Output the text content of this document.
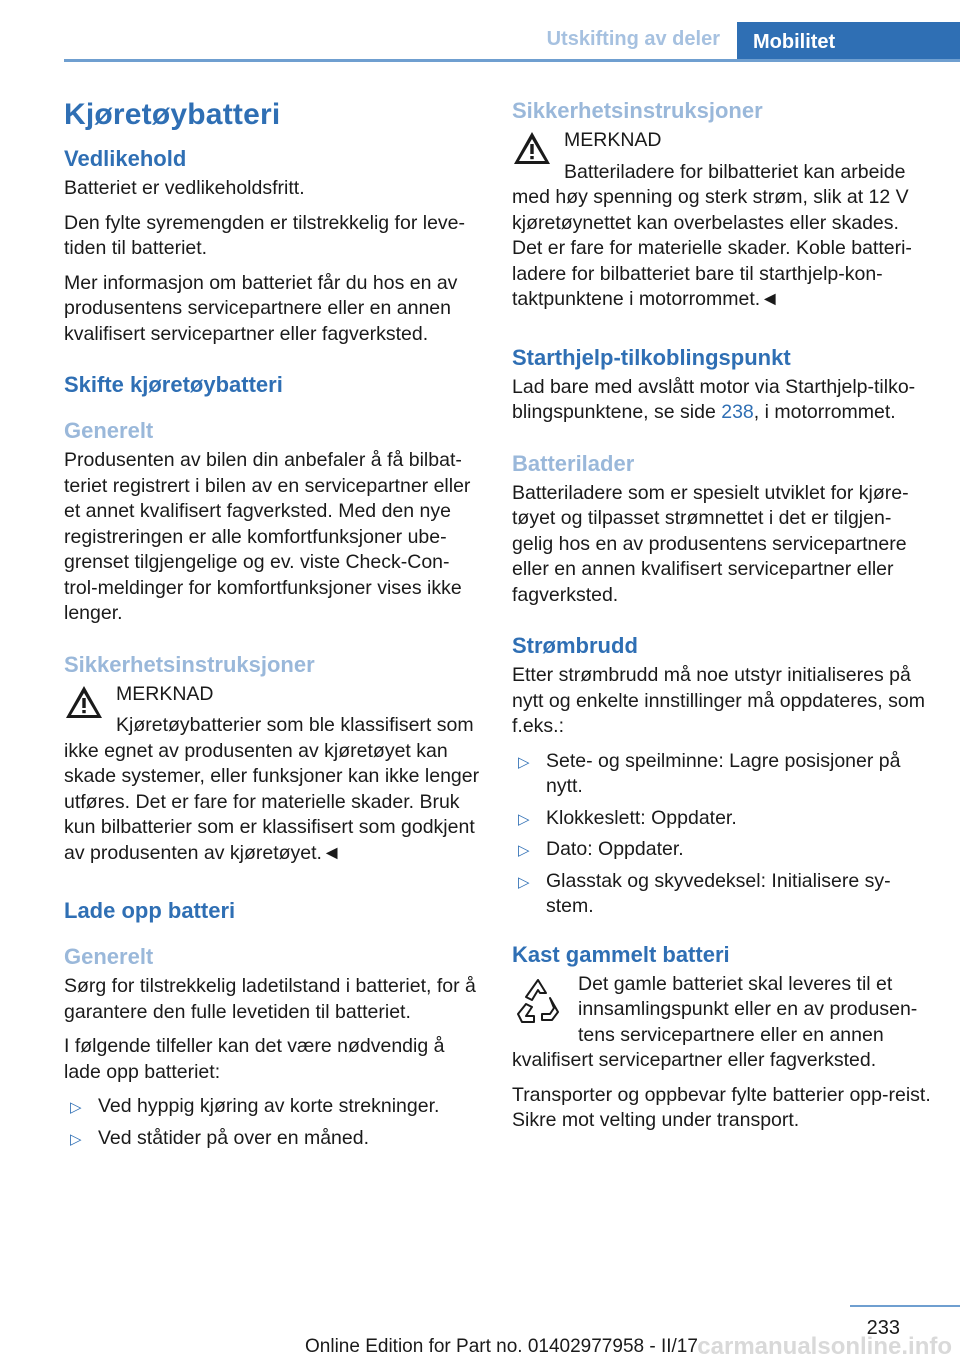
Utskifting av deler	Mobilitet
Kjøretøybatteri
Vedlikehold

Batteriet er vedlikeholdsfritt.

Den fylte syremengden er tilstrekkelig for leve-tiden til batteriet.

Mer informasjon om batteriet får du hos en av produsentens servicepartnere eller en annen kvalifisert servicepartner eller fagverksted.

Skifte kjøretøybatteri
Generelt

Produsenten av bilen din anbefaler å få bilbat-teriet registrert i bilen av en servicepartner eller et annet kvalifisert fagverksted. Med den nye registreringen er alle komfortfunksjoner ube-grenset tilgjengelige og ev. viste Check-Con-trol-meldinger for komfortfunksjoner vises ikke lenger.

Sikkerhetsinstruksjoner
MERKNAD
Kjøretøybatterier som ble klassifisert som ikke egnet av produsenten av kjøretøyet kan skade systemer, eller funksjoner kan ikke lenger utføres. Det er fare for materielle skader. Bruk kun bilbatterier som er klassifisert som godkjent av produsenten av kjøretøyet.◄
Lade opp batteri
Generelt

Sørg for tilstrekkelig ladetilstand i batteriet, for å garantere den fulle levetiden til batteriet.

I følgende tilfeller kan det være nødvendig å lade opp batteriet:

▷ Ved hyppig kjøring av korte strekninger.
▷ Ved ståtider på over en måned.
Sikkerhetsinstruksjoner
MERKNAD
Batteriladere for bilbatteriet kan arbeide med høy spenning og sterk strøm, slik at 12 V kjøretøynettet kan overbelastes eller skades. Det er fare for materielle skader. Koble batteri-ladere for bilbatteriet bare til starthjelp-kon-taktpunktene i motorrommet.◄
Starthjelp-tilkoblingspunkt

Lad bare med avslått motor via Starthjelp-tilko-blingspunktene, se side 238, i motorrommet.

Batterilader

Batteriladere som er spesielt utviklet for kjøre-tøyet og tilpasset strømnettet i det er tilgjen-gelig hos en av produsentens servicepartnere eller en annen kvalifisert servicepartner eller fagverksted.

Strømbrudd

Etter strømbrudd må noe utstyr initialiseres på nytt og enkelte innstillinger må oppdateres, som f.eks.:

▷ Sete- og speilminne: Lagre posisjoner på nytt.
▷ Klokkeslett: Oppdater.
▷ Dato: Oppdater.
▷ Glasstak og skyvedeksel: Initialisere sy-stem.
Kast gammelt batteri

Det gamle batteriet skal leveres til et innsamlingspunkt eller en av produsen-tens servicepartnere eller en annen kvalifisert servicepartner eller fagverksted.

Transporter og oppbevar fylte batterier opp-reist. Sikre mot velting under transport.

233
Online Edition for Part no. 01402977958 - II/17 carmanualsonline.info
